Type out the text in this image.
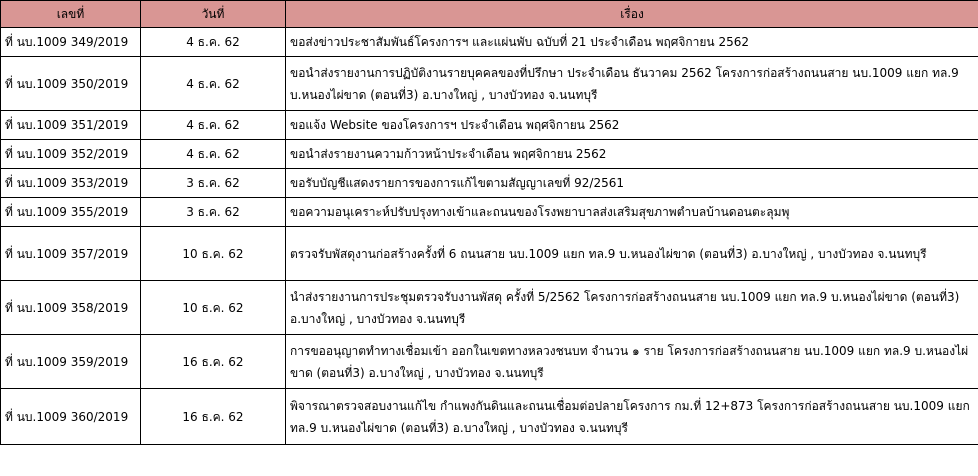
เลขที่	วันที่	เรื่อง
ที่ นบ.1009 349/2019	4 ธ.ค. 62	ขอส่งข่าวประชาสัมพันธ์โครงการฯ และแผ่นพับ ฉบับที่ 21 ประจำเดือน พฤศจิกายน 2562
ที่ นบ.1009 350/2019	4 ธ.ค. 62	ขอนำส่งรายงานการปฏิบัติงานรายบุคคลของที่ปรึกษา ประจำเดือน ธันวาคม 2562 โครงการก่อสร้างถนนสาย นบ.1009 แยก ทล.9 บ.หนองไผ่ขาด (ตอนที่3) อ.บางใหญ่ , บางบัวทอง จ.นนทบุรี
ที่ นบ.1009 351/2019	4 ธ.ค. 62	ขอแจ้ง Website ของโครงการฯ ประจำเดือน พฤศจิกายน 2562
ที่ นบ.1009 352/2019	4 ธ.ค. 62	ขอนำส่งรายงานความก้าวหน้าประจำเดือน พฤศจิกายน 2562
ที่ นบ.1009 353/2019	3 ธ.ค. 62	ขอรับบัญชีแสดงรายการของการแก้ไขตามสัญญาเลขที่ 92/2561
ที่ นบ.1009 355/2019	3 ธ.ค. 62	ขอความอนุเคราะห์ปรับปรุงทางเข้าและถนนของโรงพยาบาลส่งเสริมสุขภาพตำบลบ้านดอนตะลุมพุ
ที่ นบ.1009 357/2019	10 ธ.ค. 62	ตรวจรับพัสดุงานก่อสร้างครั้งที่ 6 ถนนสาย นบ.1009 แยก ทล.9 บ.หนองไผ่ขาด (ตอนที่3) อ.บางใหญ่ , บางบัวทอง จ.นนทบุรี
ที่ นบ.1009 358/2019	10 ธ.ค. 62	นำส่งรายงานการประชุมตรวจรับงานพัสดุ ครั้งที่ 5/2562 โครงการก่อสร้างถนนสาย นบ.1009 แยก ทล.9 บ.หนองไผ่ขาด (ตอนที่3) อ.บางใหญ่ , บางบัวทอง จ.นนทบุรี
ที่ นบ.1009 359/2019	16 ธ.ค. 62	การขออนุญาตทำทางเชื่อมเข้า ออกในเขตทางหลวงชนบท จำนวน ๑ ราย โครงการก่อสร้างถนนสาย นบ.1009 แยก ทล.9 บ.หนองไผ่ขาด (ตอนที่3) อ.บางใหญ่ , บางบัวทอง จ.นนทบุรี
ที่ นบ.1009 360/2019	16 ธ.ค. 62	พิจารณาตรวจสอบงานแก้ไข กำแพงกันดินและถนนเชื่อมต่อปลายโครงการ กม.ที่ 12+873 โครงการก่อสร้างถนนสาย นบ.1009 แยก ทล.9 บ.หนองไผ่ขาด (ตอนที่3) อ.บางใหญ่ , บางบัวทอง จ.นนทบุรี
